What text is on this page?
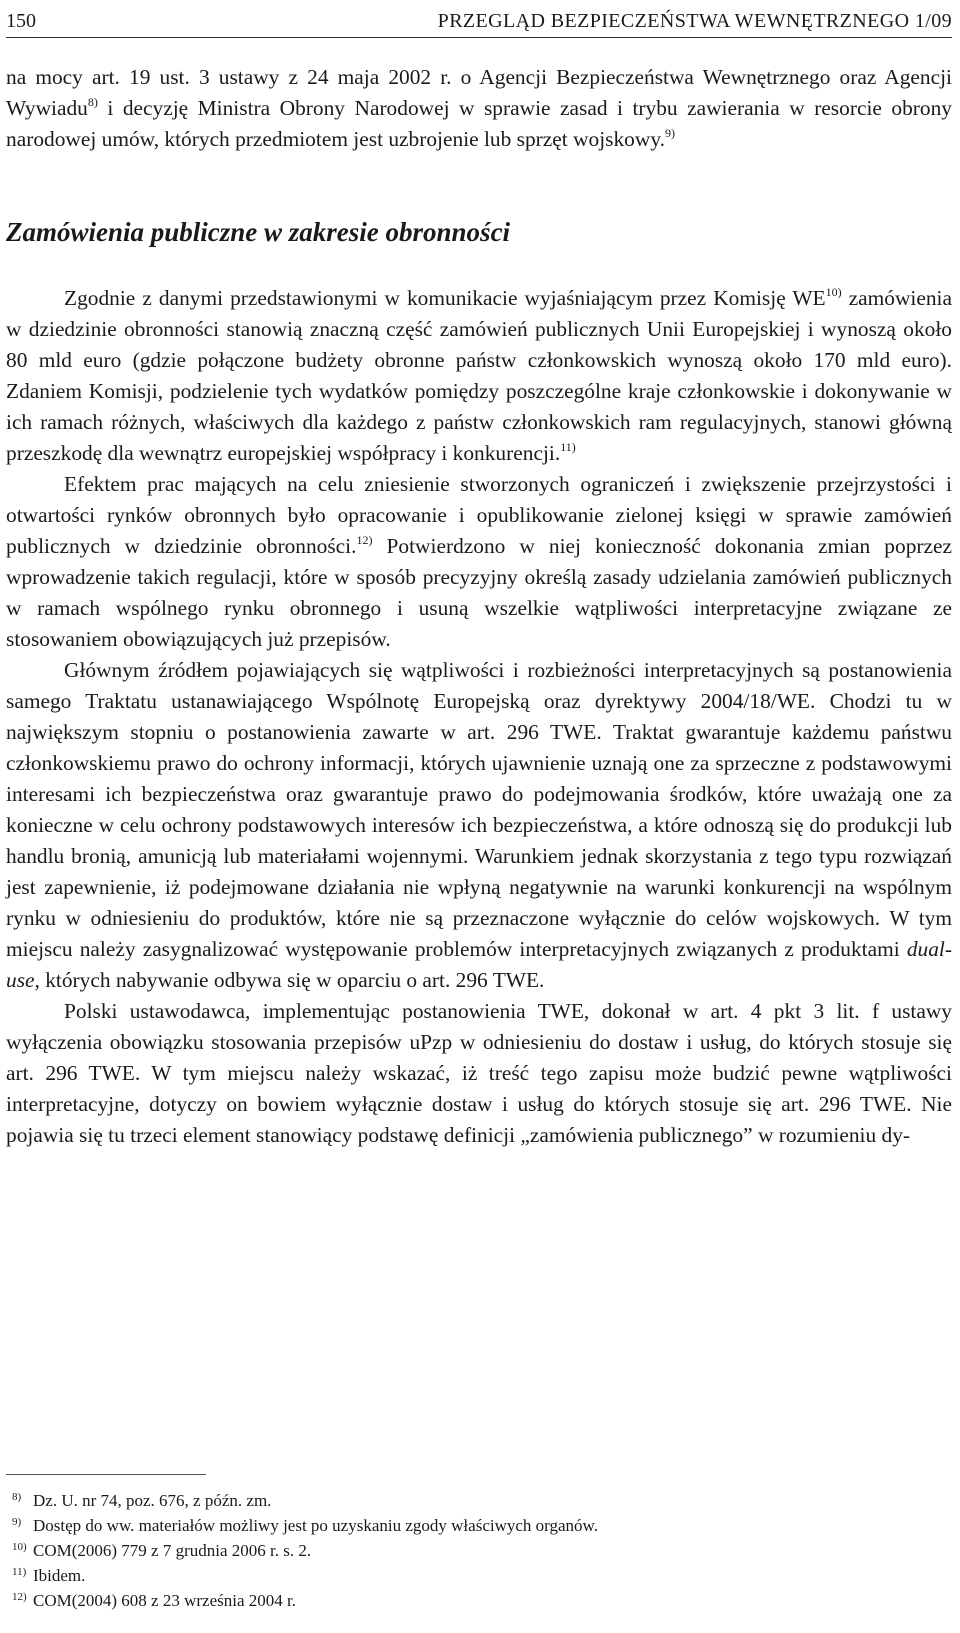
150	PRZEGLĄD BEZPIECZEŃSTWA WEWNĘTRZNEGO 1/09

na mocy art. 19 ust. 3 ustawy z 24 maja 2002 r. o Agencji Bezpieczeństwa Wewnętrznego oraz Agencji Wywiadu$^{8)}$ i decyzję Ministra Obrony Narodowej w sprawie zasad i trybu zawierania w resorcie obrony narodowej umów, których przedmiotem jest uzbrojenie lub sprzęt wojskowy.$^{9)}$

Zamówienia publiczne w zakresie obronności

Zgodnie z danymi przedstawionymi w komunikacie wyjaśniającym przez Komisję WE$^{10)}$ zamówienia w dziedzinie obronności stanowią znaczną część zamówień publicznych Unii Europejskiej i wynoszą około 80 mld euro (gdzie połączone budżety obronne państw członkowskich wynoszą około 170 mld euro). Zdaniem Komisji, podzielenie tych wydatków pomiędzy poszczególne kraje członkowskie i dokonywanie w ich ramach różnych, właściwych dla każdego z państw członkowskich ram regulacyjnych, stanowi główną przeszkodę dla wewnątrz europejskiej współpracy i konkurencji.$^{11)}$

Efektem prac mających na celu zniesienie stworzonych ograniczeń i zwiększenie przejrzystości i otwartości rynków obronnych było opracowanie i opublikowanie zielonej księgi w sprawie zamówień publicznych w dziedzinie obronności.$^{12)}$ Potwierdzono w niej konieczność dokonania zmian poprzez wprowadzenie takich regulacji, które w sposób precyzyjny określą zasady udzielania zamówień publicznych w ramach wspólnego rynku obronnego i usuną wszelkie wątpliwości interpretacyjne związane ze stosowaniem obowiązujących już przepisów.

Głównym źródłem pojawiających się wątpliwości i rozbieżności interpretacyjnych są postanowienia samego Traktatu ustanawiającego Wspólnotę Europejską oraz dyrektywy 2004/18/WE. Chodzi tu w największym stopniu o postanowienia zawarte w art. 296 TWE. Traktat gwarantuje każdemu państwu członkowskiemu prawo do ochrony informacji, których ujawnienie uznają one za sprzeczne z podstawowymi interesami ich bezpieczeństwa oraz gwarantuje prawo do podejmowania środków, które uważają one za konieczne w celu ochrony podstawowych interesów ich bezpieczeństwa, a które odnoszą się do produkcji lub handlu bronią, amunicją lub materiałami wojennymi. Warunkiem jednak skorzystania z tego typu rozwiązań jest zapewnienie, iż podejmowane działania nie wpłyną negatywnie na warunki konkurencji na wspólnym rynku w odniesieniu do produktów, które nie są przeznaczone wyłącznie do celów wojskowych. W tym miejscu należy zasygnalizować występowanie problemów interpretacyjnych związanych z produktami dual-use, których nabywanie odbywa się w oparciu o art. 296 TWE.

Polski ustawodawca, implementując postanowienia TWE, dokonał w art. 4 pkt 3 lit. f ustawy wyłączenia obowiązku stosowania przepisów uPzp w odniesieniu do dostaw i usług, do których stosuje się art. 296 TWE. W tym miejscu należy wskazać, iż treść tego zapisu może budzić pewne wątpliwości interpretacyjne, dotyczy on bowiem wyłącznie dostaw i usług do których stosuje się art. 296 TWE. Nie pojawia się tu trzeci element stanowiący podstawę definicji „zamówienia publicznego” w rozumieniu dy-

8) Dz. U. nr 74, poz. 676, z późn. zm.
9) Dostęp do ww. materiałów możliwy jest po uzyskaniu zgody właściwych organów.
10) COM(2006) 779 z 7 grudnia 2006 r. s. 2.
11) Ibidem.
12) COM(2004) 608 z 23 września 2004 r.
